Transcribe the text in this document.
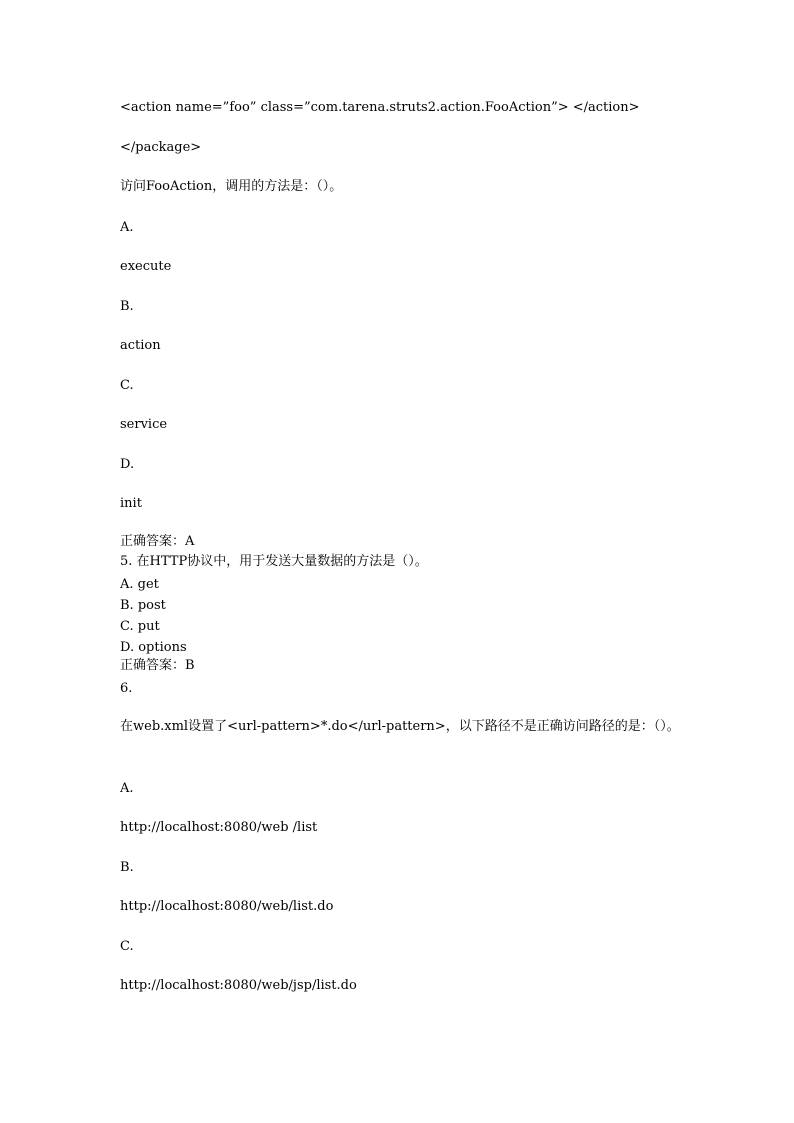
<action name=”foo” class=”com.tarena.struts2.action.FooAction”> </action>
</package>
访问FooAction，调用的方法是：（）。
A.
execute
B.
action
C.
service
D.
init
正确答案：A
5. 在HTTP协议中，用于发送大量数据的方法是（）。
A. get
B. post
C. put
D. options
正确答案：B
6.
在web.xml设置了<url-pattern>*.do</url-pattern>，以下路径不是正确访问路径的是：（）。
A.
http://localhost:8080/web /list
B.
http://localhost:8080/web/list.do
C.
http://localhost:8080/web/jsp/list.do
